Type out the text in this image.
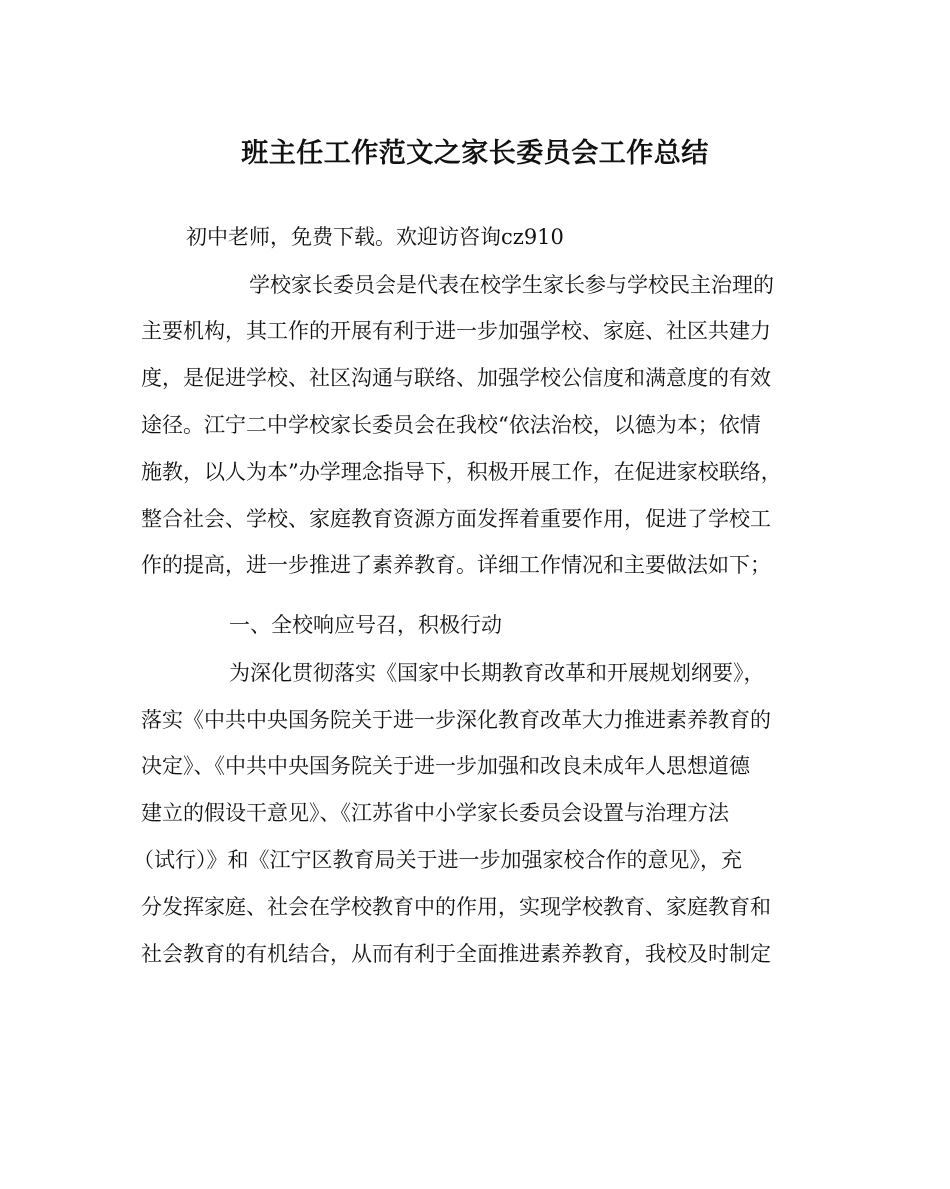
班主任工作范文之家长委员会工作总结
初中老师，免费下载。欢迎访咨询cz910
学校家长委员会是代表在校学生家长参与学校民主治理的
主要机构，其工作的开展有利于进一步加强学校、家庭、社区共建力
度，是促进学校、社区沟通与联络、加强学校公信度和满意度的有效
途径。江宁二中学校家长委员会在我校“依法治校，以德为本；依情
施教，以人为本”办学理念指导下，积极开展工作，在促进家校联络，
整合社会、学校、家庭教育资源方面发挥着重要作用，促进了学校工
作的提高，进一步推进了素养教育。详细工作情况和主要做法如下；
一、全校响应号召，积极行动
为深化贯彻落实《国家中长期教育改革和开展规划纲要》，
落实《中共中央国务院关于进一步深化教育改革大力推进素养教育的
决定》、《中共中央国务院关于进一步加强和改良未成年人思想道德
建立的假设干意见》、《江苏省中小学家长委员会设置与治理方法
（试行）》和《江宁区教育局关于进一步加强家校合作的意见》，充
分发挥家庭、社会在学校教育中的作用，实现学校教育、家庭教育和
社会教育的有机结合，从而有利于全面推进素养教育，我校及时制定
